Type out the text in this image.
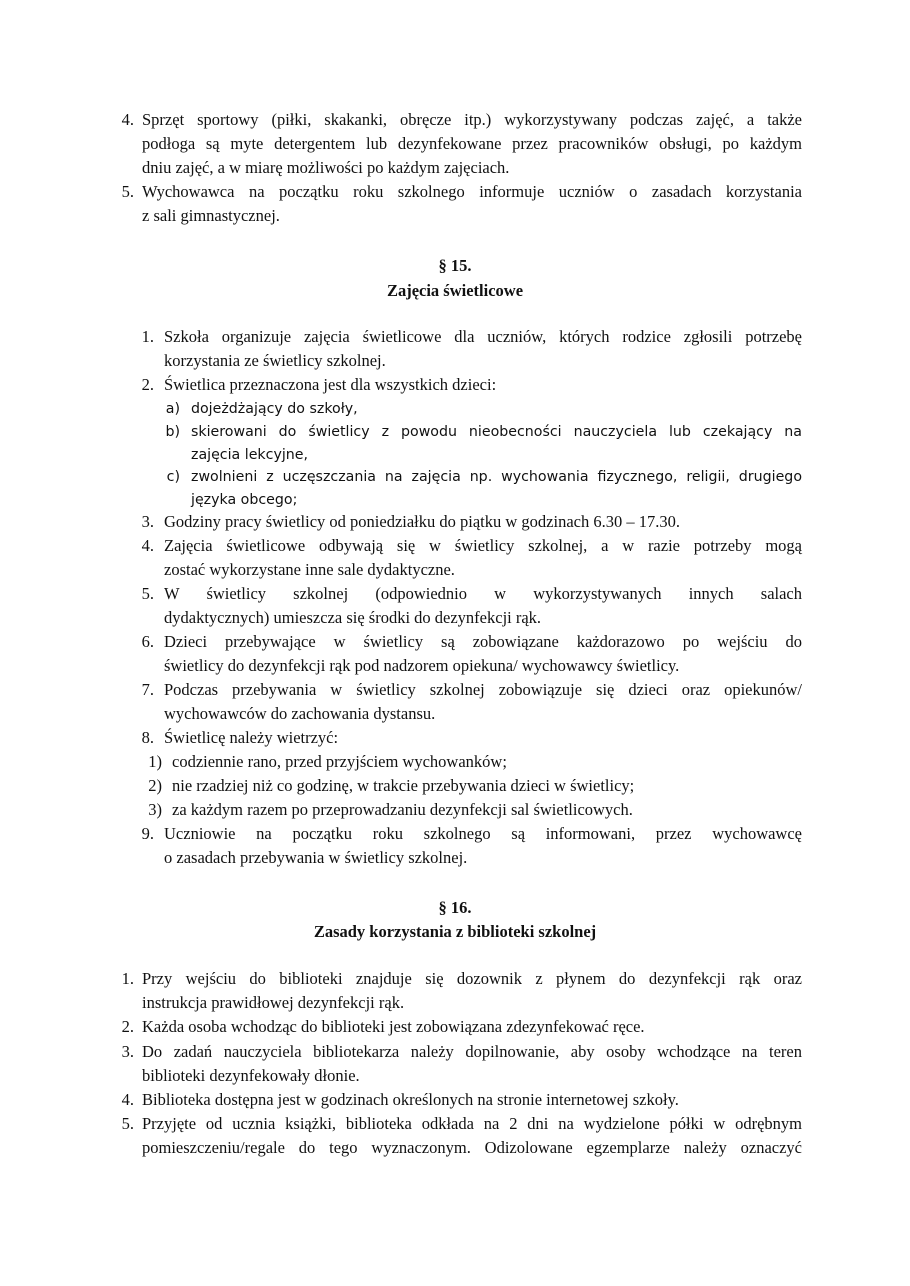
4. Sprzęt sportowy (piłki, skakanki, obręcze itp.) wykorzystywany podczas zajęć, a także
podłoga są myte detergentem lub dezynfekowane przez pracowników obsługi, po każdym
dniu zajęć, a w miarę możliwości po każdym zajęciach.
5. Wychowawca na początku roku szkolnego informuje uczniów o zasadach korzystania
z sali gimnastycznej.
§ 15.
Zajęcia świetlicowe
1. Szkoła organizuje zajęcia świetlicowe dla uczniów, których rodzice zgłosili potrzebę
korzystania ze świetlicy szkolnej.
2. Świetlica przeznaczona jest dla wszystkich dzieci:
a) dojeżdżający do szkoły,
b) skierowani do świetlicy z powodu nieobecności nauczyciela lub czekający na
zajęcia lekcyjne,
c) zwolnieni z uczęszczania na zajęcia np. wychowania fizycznego, religii, drugiego
języka obcego;
3. Godziny pracy świetlicy od poniedziałku do piątku w godzinach 6.30 – 17.30.
4. Zajęcia świetlicowe odbywają się w świetlicy szkolnej, a w razie potrzeby mogą
zostać wykorzystane inne sale dydaktyczne.
5. W świetlicy szkolnej (odpowiednio w wykorzystywanych innych salach
dydaktycznych) umieszcza się środki do dezynfekcji rąk.
6. Dzieci przebywające w świetlicy są zobowiązane każdorazowo po wejściu do
świetlicy do dezynfekcji rąk pod nadzorem opiekuna/ wychowawcy świetlicy.
7. Podczas przebywania w świetlicy szkolnej zobowiązuje się dzieci oraz opiekunów/
wychowawców do zachowania dystansu.
8. Świetlicę należy wietrzyć:
1) codziennie rano, przed przyjściem wychowanków;
2) nie rzadziej niż co godzinę, w trakcie przebywania dzieci w świetlicy;
3) za każdym razem po przeprowadzaniu dezynfekcji sal świetlicowych.
9. Uczniowie na początku roku szkolnego są informowani, przez wychowawcę
o zasadach przebywania w świetlicy szkolnej.
§ 16.
Zasady korzystania z biblioteki szkolnej
1. Przy wejściu do biblioteki znajduje się dozownik z płynem do dezynfekcji rąk oraz
instrukcja prawidłowej dezynfekcji rąk.
2. Każda osoba wchodząc do biblioteki jest zobowiązana zdezynfekować ręce.
3. Do zadań nauczyciela bibliotekarza należy dopilnowanie, aby osoby wchodzące na teren
biblioteki dezynfekowały dłonie.
4. Biblioteka dostępna jest w godzinach określonych na stronie internetowej szkoły.
5. Przyjęte od ucznia książki, biblioteka odkłada na 2 dni na wydzielone półki w odrębnym
pomieszczeniu/regale do tego wyznaczonym. Odizolowane egzemplarze należy oznaczyć
